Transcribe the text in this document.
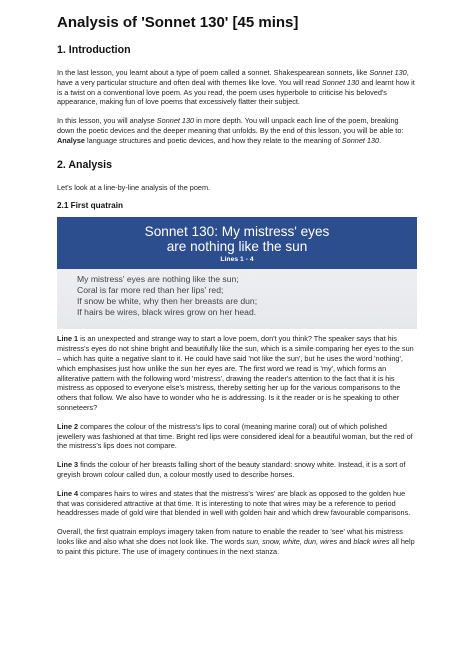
Analysis of 'Sonnet 130' [45 mins]
1. Introduction

In the last lesson, you learnt about a type of poem called a sonnet. Shakespearean sonnets, like Sonnet 130, have a very particular structure and often deal with themes like love. You will read Sonnet 130 and learnt how it is a twist on a conventional love poem. As you read, the poem uses hyperbole to criticise his beloved's appearance, making fun of love poems that excessively flatter their subject.

In this lesson, you will analyse Sonnet 130 in more depth. You will unpack each line of the poem, breaking down the poetic devices and the deeper meaning that unfolds. By the end of this lesson, you will be able to: Analyse language structures and poetic devices, and how they relate to the meaning of Sonnet 130.

2. Analysis

Let's look at a line-by-line analysis of the poem.

2.1 First quatrain
Sonnet 130: My mistress' eyes
are nothing like the sun
Lines 1 - 4
My mistress' eyes are nothing like the sun;
Coral is far more red than her lips' red;
If snow be white, why then her breasts are dun;
If hairs be wires, black wires grow on her head.

Line 1 is an unexpected and strange way to start a love poem, don't you think? The speaker says that his mistress's eyes do not shine bright and beautifully like the sun, which is a simile comparing her eyes to the sun – which has quite a negative slant to it. He could have said 'not like the sun', but he uses the word 'nothing', which emphasises just how unlike the sun her eyes are. The first word we read is 'my', which forms an alliterative pattern with the following word 'mistress', drawing the reader's attention to the fact that it is his mistress as opposed to everyone else's mistress, thereby setting her up for the various comparisons to the others that follow. We also have to wonder who he is addressing. Is it the reader or is he speaking to other sonneteers?

Line 2 compares the colour of the mistress's lips to coral (meaning marine coral) out of which polished jewellery was fashioned at that time. Bright red lips were considered ideal for a beautiful woman, but the red of the mistress's lips does not compare.

Line 3 finds the colour of her breasts falling short of the beauty standard: snowy white. Instead, it is a sort of greyish brown colour called dun, a colour mostly used to describe horses.

Line 4 compares hairs to wires and states that the mistress's 'wires' are black as opposed to the golden hue that was considered attractive at that time. It is interesting to note that wires may be a reference to period headdresses made of gold wire that blended in well with golden hair and which drew favourable comparisons.

Overall, the first quatrain employs imagery taken from nature to enable the reader to 'see' what his mistress looks like and also what she does not look like. The words sun, snow, white, dun, wires and black wires all help to paint this picture. The use of imagery continues in the next stanza.
